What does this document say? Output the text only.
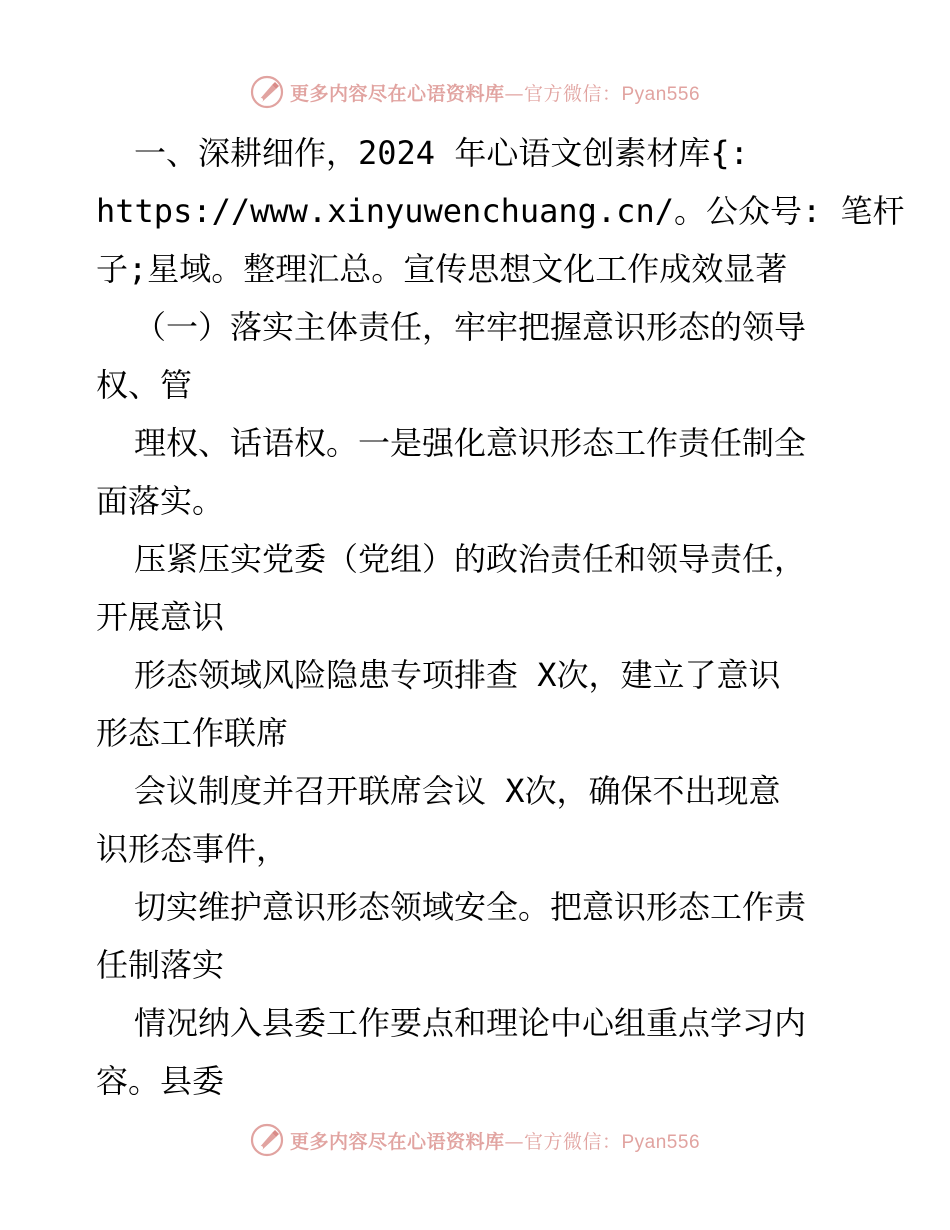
更多内容尽在心语资料库—官方微信：Pyan556
一、深耕细作，2024 年心语文创素材库{:
https://www.xinyuwenchuang.cn/。公众号: 笔杆
子;星域。整理汇总。宣传思想文化工作成效显著
（一）落实主体责任，牢牢把握意识形态的领导
权、管
理权、话语权。一是强化意识形态工作责任制全
面落实。
压紧压实党委（党组）的政治责任和领导责任，
开展意识
形态领域风险隐患专项排查 X次，建立了意识
形态工作联席
会议制度并召开联席会议 X次，确保不出现意
识形态事件，
切实维护意识形态领域安全。把意识形态工作责
任制落实
情况纳入县委工作要点和理论中心组重点学习内
容。县委
更多内容尽在心语资料库—官方微信：Pyan556
